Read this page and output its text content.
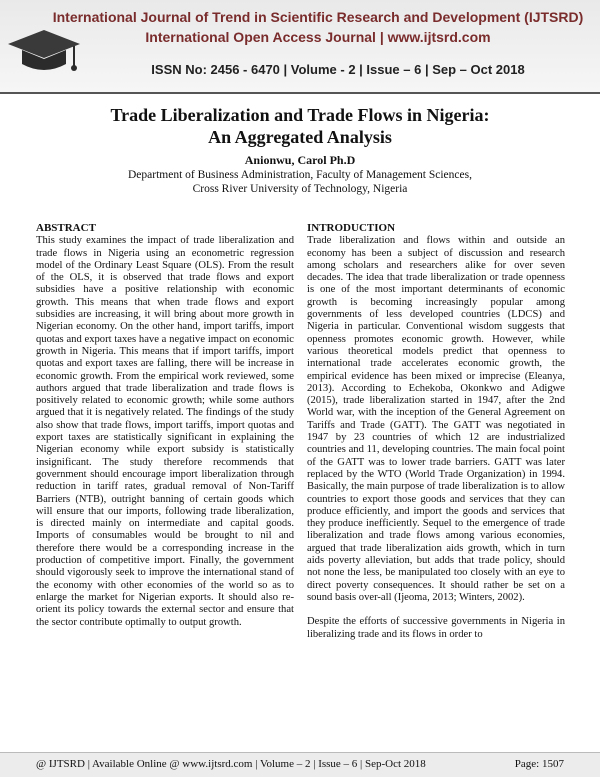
International Journal of Trend in Scientific Research and Development (IJTSRD)

International Open Access Journal | www.ijtsrd.com

ISSN No: 2456 - 6470 | Volume - 2 | Issue – 6 | Sep – Oct 2018

Trade Liberalization and Trade Flows in Nigeria:
An Aggregated Analysis

Anionwu, Carol Ph.D

Department of Business Administration, Faculty of Management Sciences,
Cross River University of Technology, Nigeria

ABSTRACT

This study examines the impact of trade liberalization and trade flows in Nigeria using an econometric regression model of the Ordinary Least Square (OLS). From the result of the OLS, it is observed that trade flows and export subsidies have a positive relationship with economic growth. This means that when trade flows and export subsidies are increasing, it will bring about more growth in Nigerian economy. On the other hand, import tariffs, import quotas and export taxes have a negative impact on economic growth in Nigeria. This means that if import tariffs, import quotas and export taxes are falling, there will be increase in economic growth. From the empirical work reviewed, some authors argued that trade liberalization and trade flows is positively related to economic growth; while some authors argued that it is negatively related. The findings of the study also show that trade flows, import tariffs, import quotas and export taxes are statistically significant in explaining the Nigerian economy while export subsidy is statistically insignificant. The study therefore recommends that government should encourage import liberalization through reduction in tariff rates, gradual removal of Non-Tariff Barriers (NTB), outright banning of certain goods which will ensure that our imports, following trade liberalization, is directed mainly on intermediate and capital goods. Imports of consumables would be brought to nil and therefore there would be a corresponding increase in the production of competitive import. Finally, the government should vigorously seek to improve the international stand of the economy with other economies of the world so as to enlarge the market for Nigerian exports. It should also re-orient its policy towards the external sector and ensure that the sector contribute optimally to output growth.

INTRODUCTION

Trade liberalization and flows within and outside an economy has been a subject of discussion and research among scholars and researchers alike for over seven decades. The idea that trade liberalization or trade openness is one of the most important determinants of economic growth is becoming increasingly popular among governments of less developed countries (LDCS) and Nigeria in particular. Conventional wisdom suggests that openness promotes economic growth. However, while various theoretical models predict that openness to international trade accelerates economic growth, the empirical evidence has been mixed or imprecise (Eleanya, 2013). According to Echekoba, Okonkwo and Adigwe (2015), trade liberalization started in 1947, after the 2nd World war, with the inception of the General Agreement on Tariffs and Trade (GATT). The GATT was negotiated in 1947 by 23 countries of which 12 are industrialized countries and 11, developing countries. The main focal point of the GATT was to lower trade barriers. GATT was later replaced by the WTO (World Trade Organization) in 1994. Basically, the main purpose of trade liberalization is to allow countries to export those goods and services that they can produce efficiently, and import the goods and services that they produce inefficiently. Sequel to the emergence of trade liberalization and trade flows among various economies, argued that trade liberalization aids growth, which in turn aids poverty alleviation, but adds that trade policy, should not none the less, be manipulated too closely with an eye to direct poverty consequences. It should rather be set on a sound basis over-all (Ijeoma, 2013; Winters, 2002).

Despite the efforts of successive governments in Nigeria in liberalizing trade and its flows in order to

@ IJTSRD | Available Online @ www.ijtsrd.com | Volume – 2 | Issue – 6 | Sep-Oct 2018	Page: 1507
